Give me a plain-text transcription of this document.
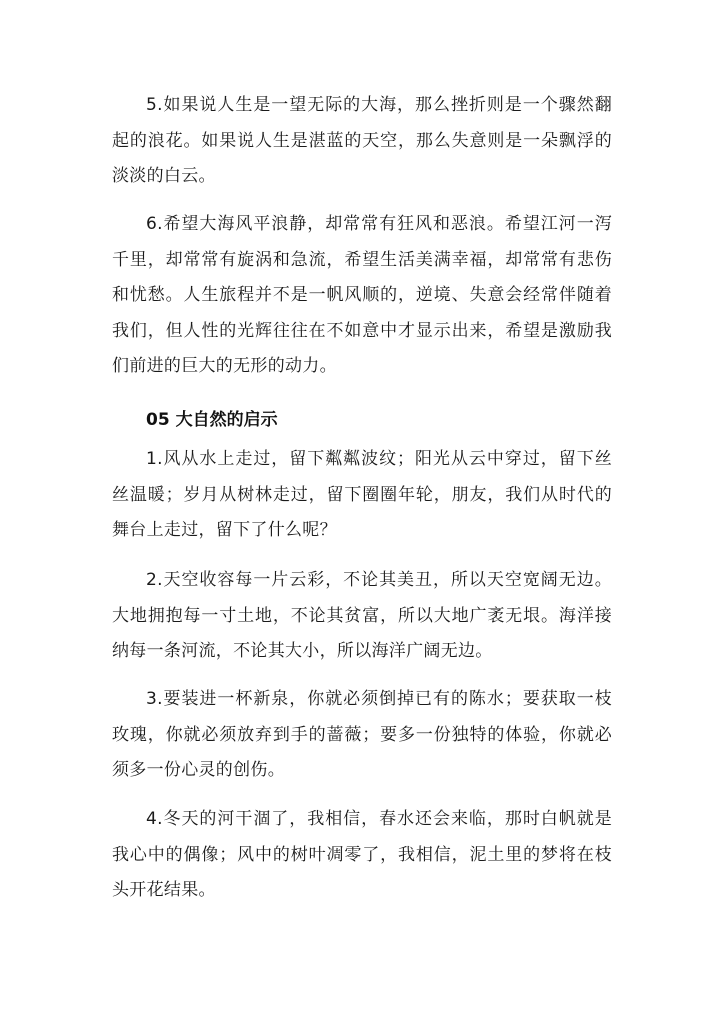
5.如果说人生是一望无际的大海，那么挫折则是一个骤然翻起的浪花。如果说人生是湛蓝的天空，那么失意则是一朵飘浮的淡淡的白云。

6.希望大海风平浪静，却常常有狂风和恶浪。希望江河一泻千里，却常常有旋涡和急流，希望生活美满幸福，却常常有悲伤和忧愁。人生旅程并不是一帆风顺的，逆境、失意会经常伴随着我们，但人性的光辉往往在不如意中才显示出来，希望是激励我们前进的巨大的无形的动力。

05 大自然的启示

1.风从水上走过，留下粼粼波纹；阳光从云中穿过，留下丝丝温暖；岁月从树林走过，留下圈圈年轮，朋友，我们从时代的舞台上走过，留下了什么呢？

2.天空收容每一片云彩，不论其美丑，所以天空宽阔无边。大地拥抱每一寸土地，不论其贫富，所以大地广袤无垠。海洋接纳每一条河流，不论其大小，所以海洋广阔无边。

3.要装进一杯新泉，你就必须倒掉已有的陈水；要获取一枝玫瑰，你就必须放弃到手的蔷薇；要多一份独特的体验，你就必须多一份心灵的创伤。

4.冬天的河干涸了，我相信，春水还会来临，那时白帆就是我心中的偶像；风中的树叶凋零了，我相信，泥土里的梦将在枝头开花结果。
